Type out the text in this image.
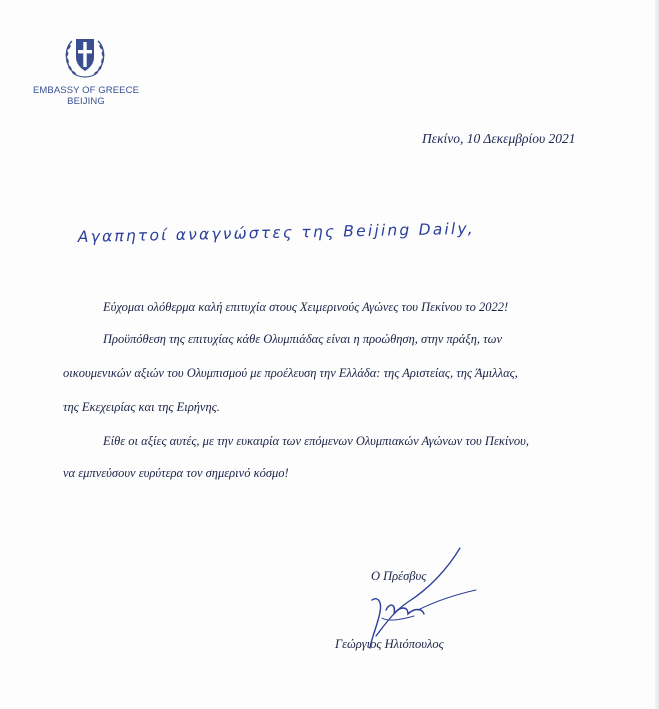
EMBASSY OF GREECE
BEIJING
Πεκίνο, 10 Δεκεμβρίου 2021
Αγαπητοί αναγνώστες της Beijing Daily,
Εύχομαι ολόθερμα καλή επιτυχία στους Χειμερινούς Αγώνες του Πεκίνου το 2022!
Προϋπόθεση της επιτυχίας κάθε Ολυμπιάδας είναι η προώθηση, στην πράξη, των
οικουμενικών αξιών του Ολυμπισμού με προέλευση την Ελλάδα: της Αριστείας, της Άμιλλας,
της Εκεχειρίας και της Ειρήνης.
Είθε οι αξίες αυτές, με την ευκαιρία των επόμενων Ολυμπιακών Αγώνων του Πεκίνου,
να εμπνεύσουν ευρύτερα τον σημερινό κόσμο!
Ο Πρέσβυς
Γεώργιος Ηλιόπουλος
